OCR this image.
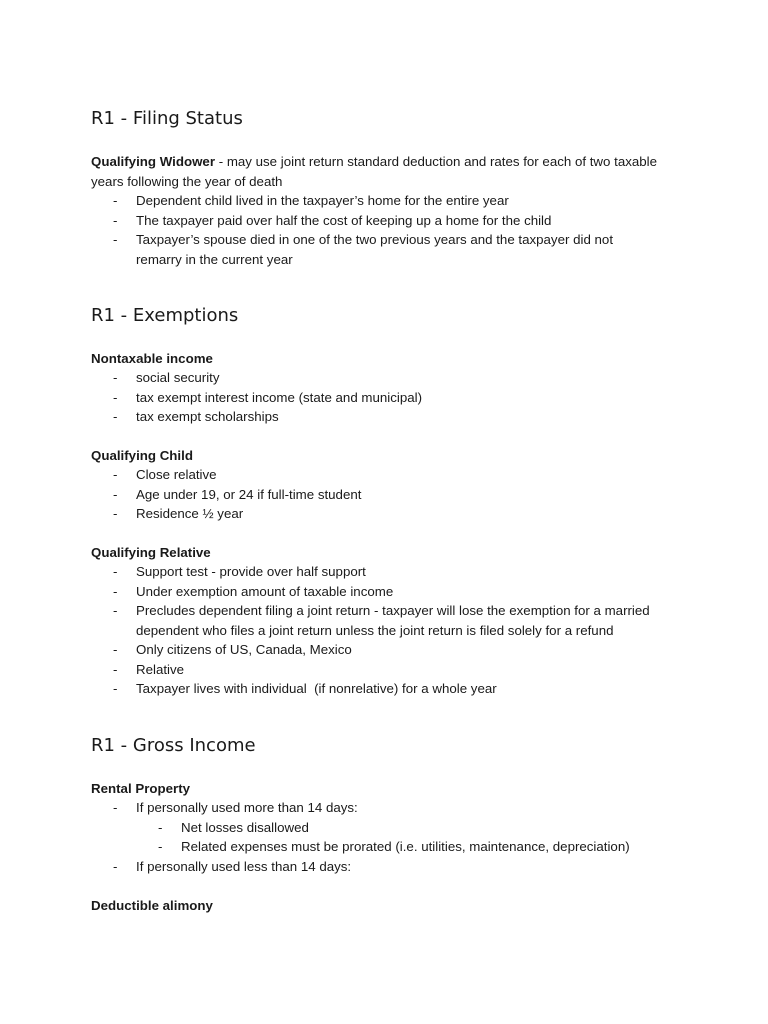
R1 - Filing Status

Qualifying Widower - may use joint return standard deduction and rates for each of two taxable years following the year of death

- Dependent child lived in the taxpayer’s home for the entire year
- The taxpayer paid over half the cost of keeping up a home for the child
- Taxpayer’s spouse died in one of the two previous years and the taxpayer did not remarry in the current year
R1 - Exemptions

Nontaxable income

- social security
- tax exempt interest income (state and municipal)
- tax exempt scholarships

Qualifying Child

- Close relative
- Age under 19, or 24 if full-time student
- Residence ½ year

Qualifying Relative

- Support test - provide over half support
- Under exemption amount of taxable income
- Precludes dependent filing a joint return - taxpayer will lose the exemption for a married dependent who files a joint return unless the joint return is filed solely for a refund
- Only citizens of US, Canada, Mexico
- Relative
- Taxpayer lives with individual  (if nonrelative) for a whole year
R1 - Gross Income

Rental Property

- If personally used more than 14 days:
- Net losses disallowed
- Related expenses must be prorated (i.e. utilities, maintenance, depreciation)
- If personally used less than 14 days:

Deductible alimony
